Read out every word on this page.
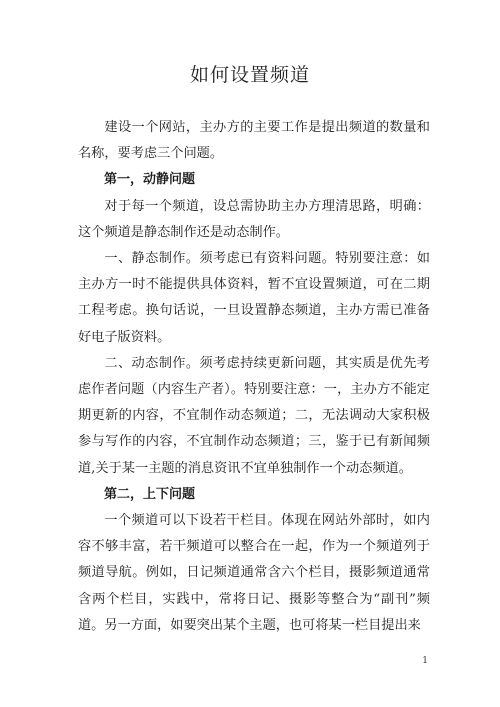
如何设置频道

建设一个网站，主办方的主要工作是提出频道的数量和名称，要考虑三个问题。

第一，动静问题

对于每一个频道，设总需协助主办方理清思路，明确：这个频道是静态制作还是动态制作。

一、静态制作。须考虑已有资料问题。特别要注意：如主办方一时不能提供具体资料，暂不宜设置频道，可在二期工程考虑。换句话说，一旦设置静态频道，主办方需已准备好电子版资料。

二、动态制作。须考虑持续更新问题，其实质是优先考虑作者问题（内容生产者）。特别要注意：一，主办方不能定期更新的内容，不宜制作动态频道；二，无法调动大家积极参与写作的内容，不宜制作动态频道；三，鉴于已有新闻频道,关于某一主题的消息资讯不宜单独制作一个动态频道。

第二，上下问题

一个频道可以下设若干栏目。体现在网站外部时，如内容不够丰富，若干频道可以整合在一起，作为一个频道列于频道导航。例如，日记频道通常含六个栏目，摄影频道通常含两个栏目，实践中，常将日记、摄影等整合为“副刊”频道。另一方面，如要突出某个主题，也可将某一栏目提出来

1
